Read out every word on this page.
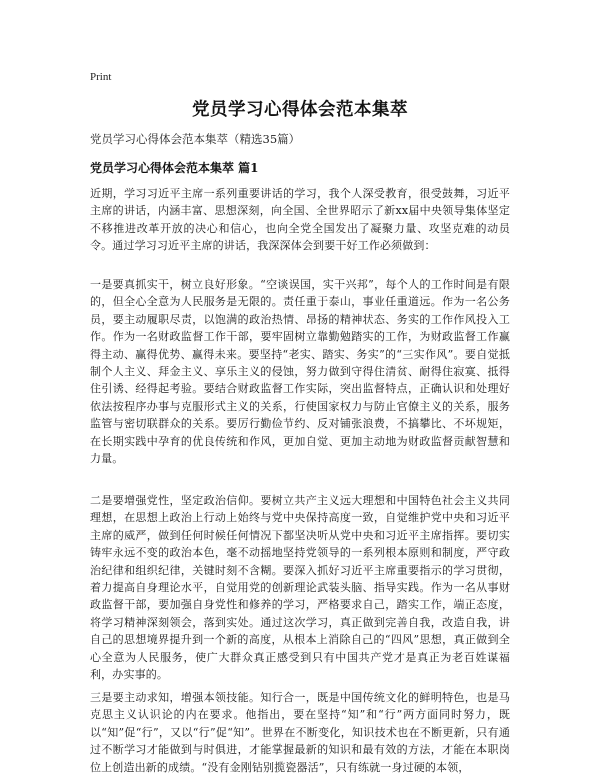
Print
党员学习心得体会范本集萃
党员学习心得体会范本集萃（精选35篇）
党员学习心得体会范本集萃 篇1

近期，学习习近平主席一系列重要讲话的学习，我个人深受教育，很受鼓舞，习近平主席的讲话，内涵丰富、思想深刻，向全国、全世界昭示了新xx届中央领导集体坚定不移推进改革开放的决心和信心，也向全党全国发出了凝聚力量、攻坚克难的动员令。通过学习习近平主席的讲话，我深深体会到要干好工作必须做到：

一是要真抓实干，树立良好形象。“空谈误国，实干兴邦”，每个人的工作时间是有限的，但全心全意为人民服务是无限的。责任重于泰山，事业任重道远。作为一名公务员，要主动履职尽责，以饱满的政治热情、昂扬的精神状态、务实的工作作风投入工作。作为一名财政监督工作干部，要牢固树立靠勤勉踏实的工作，为财政监督工作赢得主动、赢得优势、赢得未来。要坚持“老实、踏实、务实”的“三实作风”。要自觉抵制个人主义、拜金主义、享乐主义的侵蚀，努力做到守得住清贫、耐得住寂寞、抵得住引诱、经得起考验。要结合财政监督工作实际，突出监督特点，正确认识和处理好依法按程序办事与克服形式主义的关系，行使国家权力与防止官僚主义的关系，服务监管与密切联群众的关系。要厉行勤俭节约、反对铺张浪费，不搞攀比、不坏规矩，在长期实践中孕育的优良传统和作风，更加自觉、更加主动地为财政监督贡献智慧和力量。

二是要增强党性，坚定政治信仰。要树立共产主义远大理想和中国特色社会主义共同理想，在思想上政治上行动上始终与党中央保持高度一致，自觉维护党中央和习近平主席的威严，做到任何时候任何情况下都坚决听从党中央和习近平主席指挥。要切实铸牢永远不变的政治本色，毫不动摇地坚持党领导的一系列根本原则和制度，严守政治纪律和组织纪律，关键时刻不含糊。要深入抓好习近平主席重要指示的学习贯彻，着力提高自身理论水平，自觉用党的创新理论武装头脑、指导实践。作为一名从事财政监督干部，要加强自身党性和修养的学习，严格要求自己，踏实工作，端正态度，将学习精神深刻领会，落到实处。通过这次学习，真正做到完善自我，改造自我，讲自己的思想境界提升到一个新的高度，从根本上消除自己的“四风”思想，真正做到全心全意为人民服务，使广大群众真正感受到只有中国共产党才是真正为老百姓谋福利，办实事的。

三是要主动求知，增强本领技能。知行合一，既是中国传统文化的鲜明特色，也是马克思主义认识论的内在要求。他指出，要在坚持“知”和“行”两方面同时努力，既以“知”促“行”，又以“行”促“知”。世界在不断变化，知识技术也在不断更新，只有通过不断学习才能做到与时俱进，才能掌握最新的知识和最有效的方法，才能在本职岗位上创造出新的成绩。“没有金刚钻别揽瓷器活”，只有练就一身过硬的本领，
